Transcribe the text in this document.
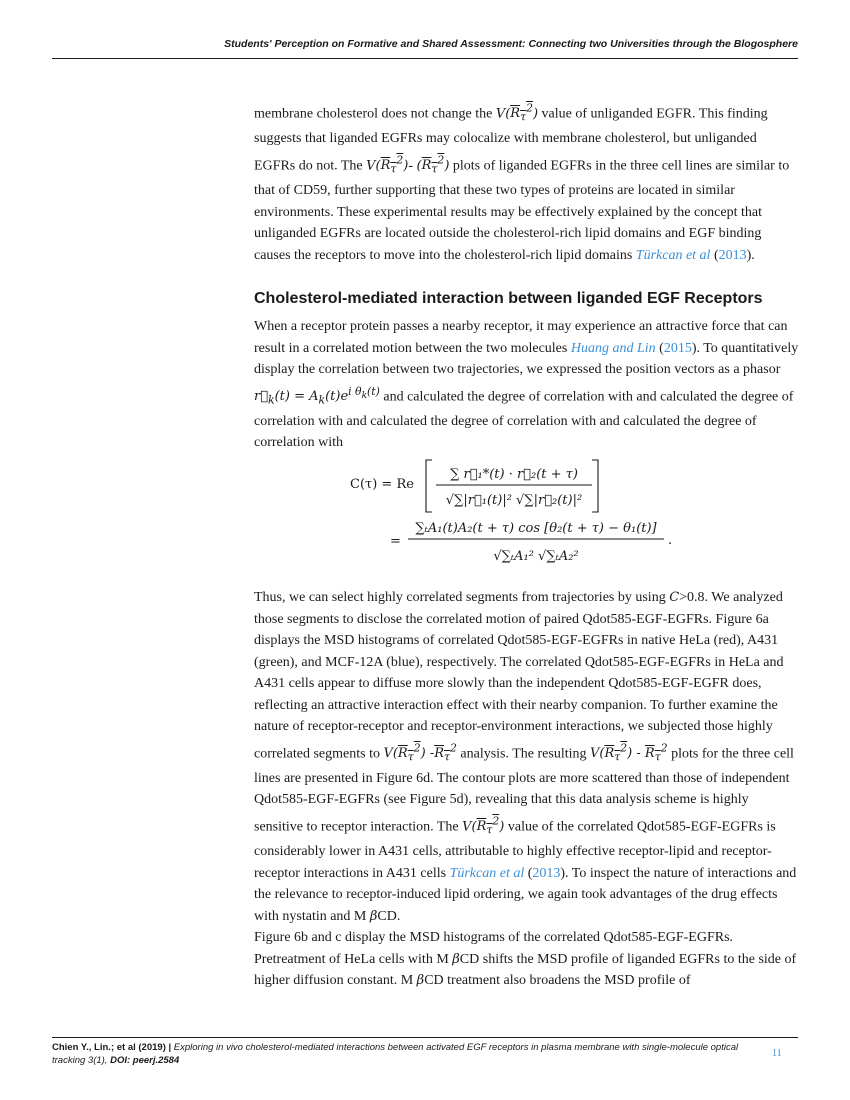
Students' Perception on Formative and Shared Assessment: Connecting two Universities through the Blogosphere

membrane cholesterol does not change the $V(R_\tau^2)$ value of unliganded EGFR. This finding suggests that liganded EGFRs may colocalize with membrane cholesterol, but unliganded EGFRs do not. The $V(R_\tau^2)-$ $(R_\tau^2)$ plots of liganded EGFRs in the three cell lines are similar to that of CD59, further supporting that these two types of proteins are located in similar environments. These experimental results may be effectively explained by the concept that unliganded EGFRs are located outside the cholesterol-rich lipid domains and EGF binding causes the receptors to move into the cholesterol-rich lipid domains Türkcan et al (2013).

Cholesterol-mediated interaction between liganded EGF Receptors

When a receptor protein passes a nearby receptor, it may experience an attractive force that can result in a correlated motion between the two molecules Huang and Lin (2015). To quantitatively display the correlation between two trajectories, we expressed the position vectors as a phasor $r⃗_k(t) = A_k(t)e^{i \theta_k(t)}$ and calculated the degree of correlation with and calculated the degree of correlation with and calculated the degree of correlation with and calculated the degree of correlation with

C(τ) = Re
∑ r⃗₁*(t) · r⃗₂(t + τ)
√∑|r⃗₁(t)|² √∑|r⃗₂(t)|²
=
∑ₜA₁(t)A₂(t + τ) cos [θ₂(t + τ) − θ₁(t)]
.
√∑ₜA₁² √∑ₜA₂²

Thus, we can select highly correlated segments from trajectories by using C>0.8. We analyzed those segments to disclose the correlated motion of paired Qdot585-EGF-EGFRs. Figure 6a displays the MSD histograms of correlated Qdot585-EGF-EGFRs in native HeLa (red), A431 (green), and MCF-12A (blue), respectively. The correlated Qdot585-EGF-EGFRs in HeLa and A431 cells appear to diffuse more slowly than the independent Qdot585-EGF-EGFR does, reflecting an attractive interaction effect with their nearby companion. To further examine the nature of receptor-receptor and receptor-environment interactions, we subjected those highly correlated segments to $V(R_\tau^2)$ $-R_\tau^2$ analysis. The resulting $V(R_\tau^2) - R_\tau^2$ plots for the three cell lines are presented in Figure 6d. The contour plots are more scattered than those of independent Qdot585-EGF-EGFRs (see Figure 5d), revealing that this data analysis scheme is highly sensitive to receptor interaction. The $V(R_\tau^2)$ value of the correlated Qdot585-EGF-EGFRs is considerably lower in A431 cells, attributable to highly effective receptor-lipid and receptor-receptor interactions in A431 cells Türkcan et al (2013). To inspect the nature of interactions and the relevance to receptor-induced lipid ordering, we again took advantages of the drug effects with nystatin and M βCD.

Figure 6b and c display the MSD histograms of the correlated Qdot585-EGF-EGFRs. Pretreatment of HeLa cells with M βCD shifts the MSD profile of liganded EGFRs to the side of higher diffusion constant. M βCD treatment also broadens the MSD profile of

Chien Y., Lin.; et al (2019) | Exploring in vivo cholesterol-mediated interactions between activated EGF receptors in plasma membrane with single-molecule optical tracking 3(1), DOI: peerj.2584
11
